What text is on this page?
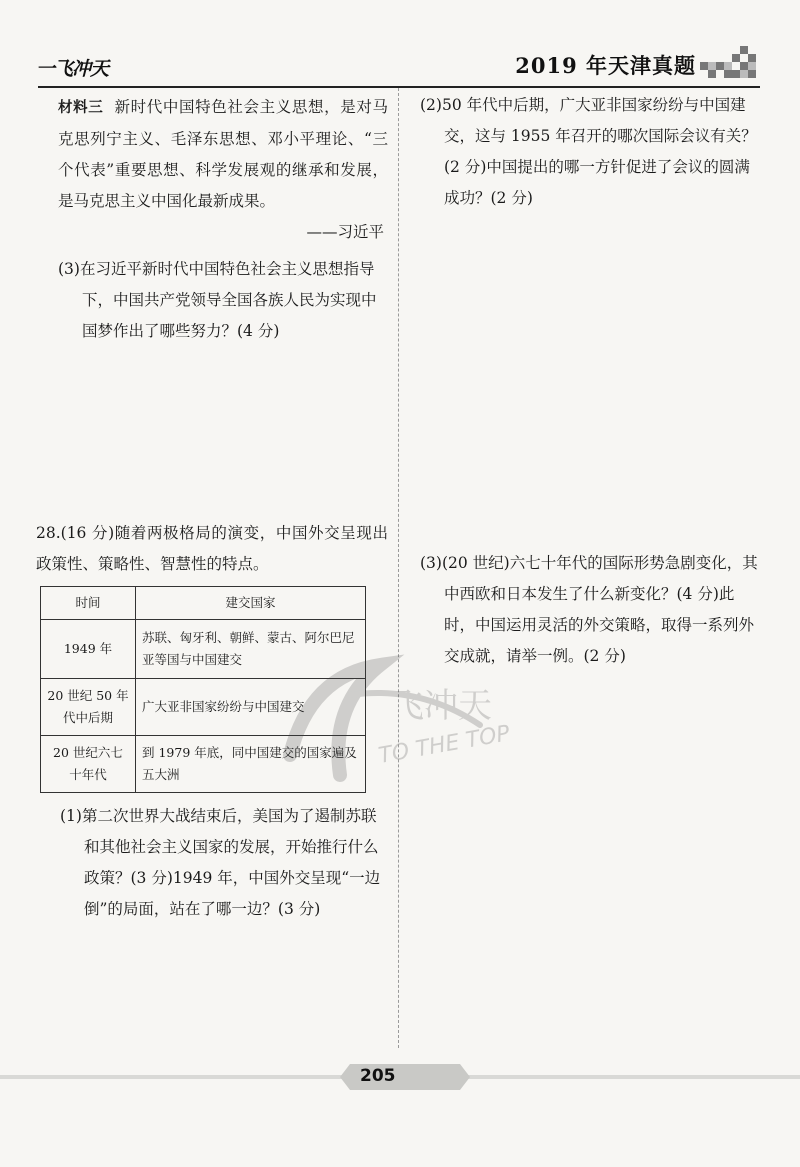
一飞冲天	2019 年天津真题

材料三 新时代中国特色社会主义思想，是对马克思列宁主义、毛泽东思想、邓小平理论、“三个代表”重要思想、科学发展观的继承和发展，是马克思主义中国化最新成果。

——习近平

(3)在习近平新时代中国特色社会主义思想指导下，中国共产党领导全国各族人民为实现中国梦作出了哪些努力？(4 分)

28.(16 分)随着两极格局的演变，中国外交呈现出政策性、策略性、智慧性的特点。

时间	建交国家
1949 年	苏联、匈牙利、朝鲜、蒙古、阿尔巴尼亚等国与中国建交
20 世纪 50 年代中后期	广大亚非国家纷纷与中国建交
20 世纪六七十年代	到 1979 年底，同中国建交的国家遍及五大洲

(1)第二次世界大战结束后，美国为了遏制苏联和其他社会主义国家的发展，开始推行什么政策？(3 分)1949 年，中国外交呈现“一边倒”的局面，站在了哪一边？(3 分)

(2)50 年代中后期，广大亚非国家纷纷与中国建交，这与 1955 年召开的哪次国际会议有关？(2 分)中国提出的哪一方针促进了会议的圆满成功？(2 分)

(3)(20 世纪)六七十年代的国际形势急剧变化，其中西欧和日本发生了什么新变化？(4 分)此时，中国运用灵活的外交策略，取得一系列外交成就，请举一例。(2 分)

飞冲天
TO THE TOP
205
